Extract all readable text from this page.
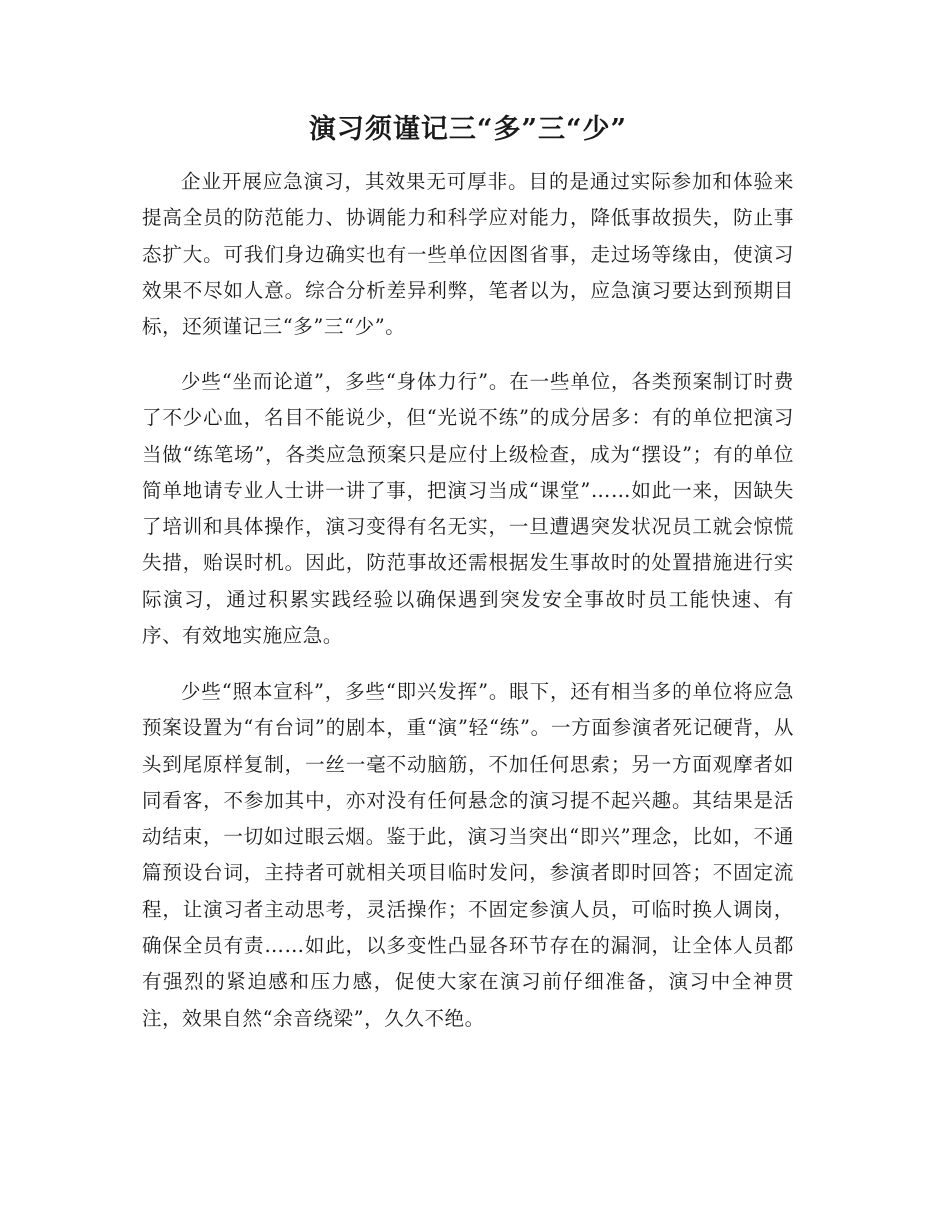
演习须谨记三“多”三“少”

企业开展应急演习，其效果无可厚非。目的是通过实际参加和体验来提高全员的防范能力、协调能力和科学应对能力，降低事故损失，防止事态扩大。可我们身边确实也有一些单位因图省事，走过场等缘由，使演习效果不尽如人意。综合分析差异利弊，笔者以为，应急演习要达到预期目标，还须谨记三“多”三“少”。

少些“坐而论道”，多些“身体力行”。在一些单位，各类预案制订时费了不少心血，名目不能说少，但“光说不练”的成分居多：有的单位把演习当做“练笔场”，各类应急预案只是应付上级检查，成为“摆设”；有的单位简单地请专业人士讲一讲了事，把演习当成“课堂”……如此一来，因缺失了培训和具体操作，演习变得有名无实，一旦遭遇突发状况员工就会惊慌失措，贻误时机。因此，防范事故还需根据发生事故时的处置措施进行实际演习，通过积累实践经验以确保遇到突发安全事故时员工能快速、有序、有效地实施应急。

少些“照本宣科”，多些“即兴发挥”。眼下，还有相当多的单位将应急预案设置为“有台词”的剧本，重“演”轻“练”。一方面参演者死记硬背，从头到尾原样复制，一丝一毫不动脑筋，不加任何思索；另一方面观摩者如同看客，不参加其中，亦对没有任何悬念的演习提不起兴趣。其结果是活动结束，一切如过眼云烟。鉴于此，演习当突出“即兴”理念，比如，不通篇预设台词，主持者可就相关项目临时发问，参演者即时回答；不固定流程，让演习者主动思考，灵活操作；不固定参演人员，可临时换人调岗，确保全员有责……如此，以多变性凸显各环节存在的漏洞，让全体人员都有强烈的紧迫感和压力感，促使大家在演习前仔细准备，演习中全神贯注，效果自然“余音绕梁”，久久不绝。
